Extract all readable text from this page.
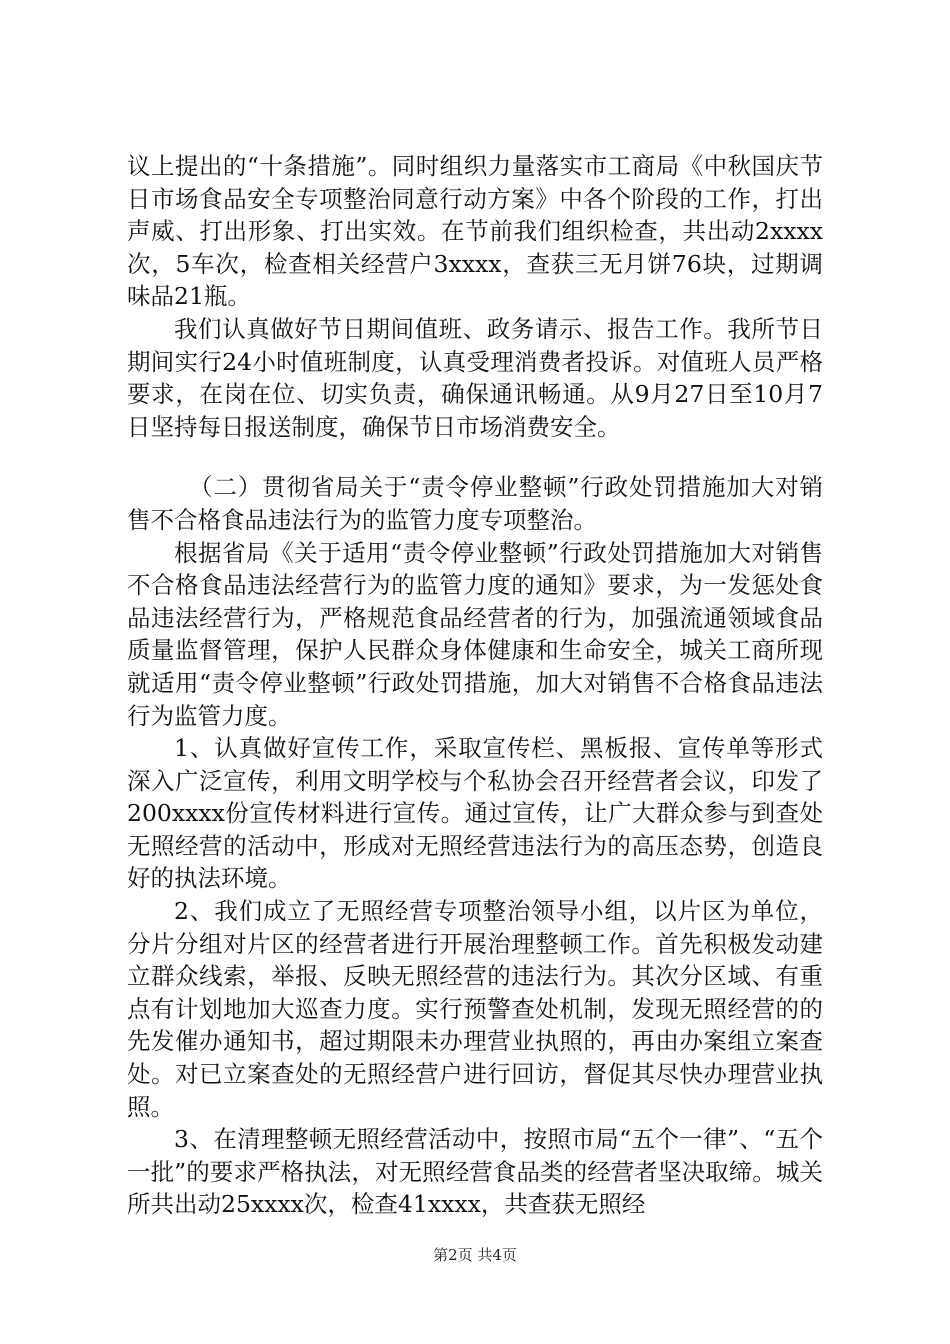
议上提出的“十条措施”。同时组织力量落实市工商局《中秋国庆节日市场食品安全专项整治同意行动方案》中各个阶段的工作，打出声威、打出形象、打出实效。在节前我们组织检查，共出动2xxxx次，5车次，检查相关经营户3xxxx，查获三无月饼76块，过期调味品21瓶。

我们认真做好节日期间值班、政务请示、报告工作。我所节日期间实行24小时值班制度，认真受理消费者投诉。对值班人员严格要求，在岗在位、切实负责，确保通讯畅通。从9月27日至10月7日坚持每日报送制度，确保节日市场消费安全。

（二）贯彻省局关于“责令停业整顿”行政处罚措施加大对销售不合格食品违法行为的监管力度专项整治。

根据省局《关于适用“责令停业整顿”行政处罚措施加大对销售不合格食品违法经营行为的监管力度的通知》要求，为一发惩处食品违法经营行为，严格规范食品经营者的行为，加强流通领域食品质量监督管理，保护人民群众身体健康和生命安全，城关工商所现就适用“责令停业整顿”行政处罚措施，加大对销售不合格食品违法行为监管力度。

1、认真做好宣传工作，采取宣传栏、黑板报、宣传单等形式深入广泛宣传，利用文明学校与个私协会召开经营者会议，印发了200xxxx份宣传材料进行宣传。通过宣传，让广大群众参与到查处无照经营的活动中，形成对无照经营违法行为的高压态势，创造良好的执法环境。

2、我们成立了无照经营专项整治领导小组，以片区为单位，分片分组对片区的经营者进行开展治理整顿工作。首先积极发动建立群众线索，举报、反映无照经营的违法行为。其次分区域、有重点有计划地加大巡查力度。实行预警查处机制，发现无照经营的的先发催办通知书，超过期限未办理营业执照的，再由办案组立案查处。对已立案查处的无照经营户进行回访，督促其尽快办理营业执照。

3、在清理整顿无照经营活动中，按照市局“五个一律”、“五个一批”的要求严格执法，对无照经营食品类的经营者坚决取缔。城关所共出动25xxxx次，检查41xxxx，共查获无照经

第2页 共4页
